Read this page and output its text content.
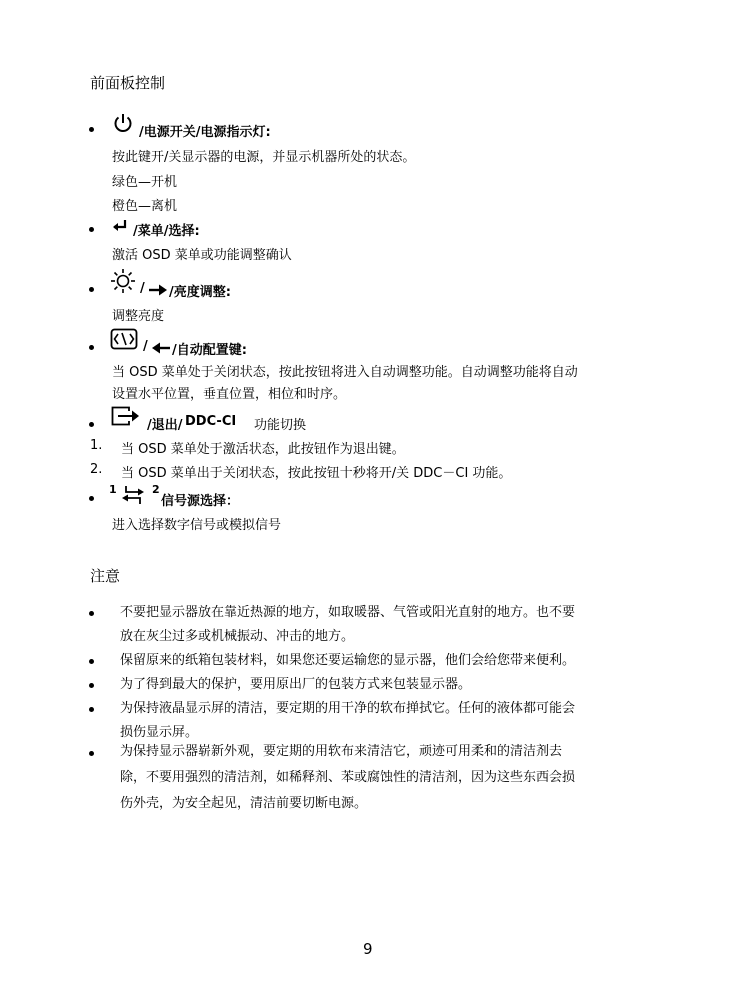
前面板控制
/电源开关/电源指示灯:
按此键开/关显示器的电源，并显示机器所处的状态。
绿色—开机
橙色—离机
/菜单/选择:
激活 OSD 菜单或功能调整确认
/ /亮度调整:
调整亮度
/ /自动配置键:
当 OSD 菜单处于关闭状态，按此按钮将进入自动调整功能。自动调整功能将自动
设置水平位置，垂直位置，相位和时序。
/退出/ DDC-CI 功能切换
1. 当 OSD 菜单处于激活状态，此按钮作为退出键。
2. 当 OSD 菜单出于关闭状态，按此按钮十秒将开/关 DDC－CI 功能。
1	2
信号源选择：
进入选择数字信号或模拟信号
注意
不要把显示器放在靠近热源的地方，如取暖器、气管或阳光直射的地方。也不要
放在灰尘过多或机械振动、冲击的地方。
保留原来的纸箱包装材料，如果您还要运输您的显示器，他们会给您带来便利。
为了得到最大的保护，要用原出厂的包装方式来包装显示器。
为保持液晶显示屏的清洁，要定期的用干净的软布掸拭它。任何的液体都可能会
损伤显示屏。
为保持显示器崭新外观，要定期的用软布来清洁它，顽迹可用柔和的清洁剂去
除，不要用强烈的清洁剂，如稀释剂、苯或腐蚀性的清洁剂，因为这些东西会损
伤外壳，为安全起见，清洁前要切断电源。
9
